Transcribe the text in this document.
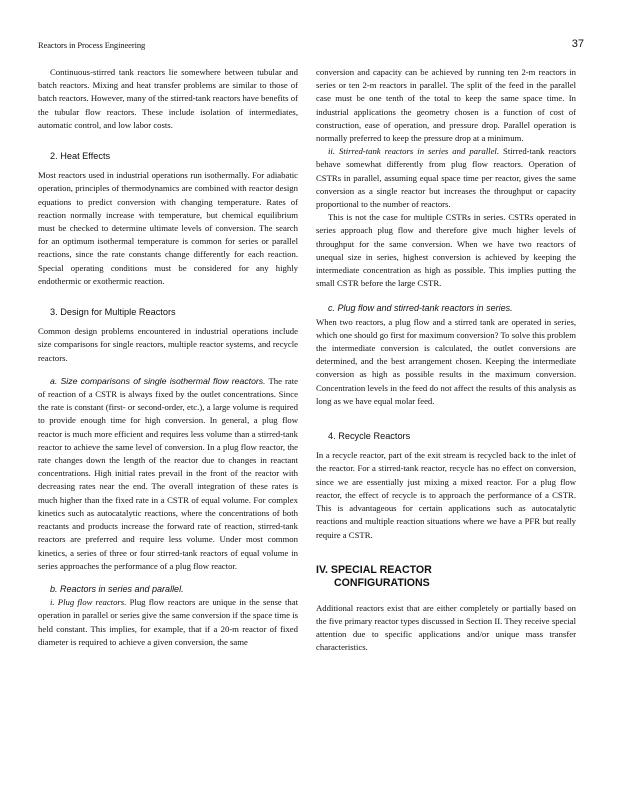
Reactors in Process Engineering	37

Continuous-stirred tank reactors lie somewhere between tubular and batch reactors. Mixing and heat transfer problems are similar to those of batch reactors. However, many of the stirred-tank reactors have benefits of the tubular flow reactors. These include isolation of intermediates, automatic control, and low labor costs.

2. Heat Effects

Most reactors used in industrial operations run isothermally. For adiabatic operation, principles of thermodynamics are combined with reactor design equations to predict conversion with changing temperature. Rates of reaction normally increase with temperature, but chemical equilibrium must be checked to determine ultimate levels of conversion. The search for an optimum isothermal temperature is common for series or parallel reactions, since the rate constants change differently for each reaction. Special operating conditions must be considered for any highly endothermic or exothermic reaction.

3. Design for Multiple Reactors

Common design problems encountered in industrial operations include size comparisons for single reactors, multiple reactor systems, and recycle reactors.

a. Size comparisons of single isothermal flow reactors. The rate of reaction of a CSTR is always fixed by the outlet concentrations. Since the rate is constant (first- or second-order, etc.), a large volume is required to provide enough time for high conversion. In general, a plug flow reactor is much more efficient and requires less volume than a stirred-tank reactor to achieve the same level of conversion. In a plug flow reactor, the rate changes down the length of the reactor due to changes in reactant concentrations. High initial rates prevail in the front of the reactor with decreasing rates near the end. The overall integration of these rates is much higher than the fixed rate in a CSTR of equal volume. For complex kinetics such as autocatalytic reactions, where the concentrations of both reactants and products increase the forward rate of reaction, stirred-tank reactors are preferred and require less volume. Under most common kinetics, a series of three or four stirred-tank reactors of equal volume in series approaches the performance of a plug flow reactor.

b. Reactors in series and parallel.

i. Plug flow reactors. Plug flow reactors are unique in the sense that operation in parallel or series give the same conversion if the space time is held constant. This implies, for example, that if a 20-m reactor of fixed diameter is required to achieve a given conversion, the same

conversion and capacity can be achieved by running ten 2-m reactors in series or ten 2-m reactors in parallel. The split of the feed in the parallel case must be one tenth of the total to keep the same space time. In industrial applications the geometry chosen is a function of cost of construction, ease of operation, and pressure drop. Parallel operation is normally preferred to keep the pressure drop at a minimum.

ii. Stirred-tank reactors in series and parallel. Stirred-tank reactors behave somewhat differently from plug flow reactors. Operation of CSTRs in parallel, assuming equal space time per reactor, gives the same conversion as a single reactor but increases the throughput or capacity proportional to the number of reactors.

This is not the case for multiple CSTRs in series. CSTRs operated in series approach plug flow and therefore give much higher levels of throughput for the same conversion. When we have two reactors of unequal size in series, highest conversion is achieved by keeping the intermediate concentration as high as possible. This implies putting the small CSTR before the large CSTR.

c. Plug flow and stirred-tank reactors in series.

When two reactors, a plug flow and a stirred tank are operated in series, which one should go first for maximum conversion? To solve this problem the intermediate conversion is calculated, the outlet conversions are determined, and the best arrangement chosen. Keeping the intermediate conversion as high as possible results in the maximum conversion. Concentration levels in the feed do not affect the results of this analysis as long as we have equal molar feed.

4. Recycle Reactors

In a recycle reactor, part of the exit stream is recycled back to the inlet of the reactor. For a stirred-tank reactor, recycle has no effect on conversion, since we are essentially just mixing a mixed reactor. For a plug flow reactor, the effect of recycle is to approach the performance of a CSTR. This is advantageous for certain applications such as autocatalytic reactions and multiple reaction situations where we have a PFR but really require a CSTR.

IV. SPECIAL REACTOR
CONFIGURATIONS

Additional reactors exist that are either completely or partially based on the five primary reactor types discussed in Section II. They receive special attention due to specific applications and/or unique mass transfer characteristics.
